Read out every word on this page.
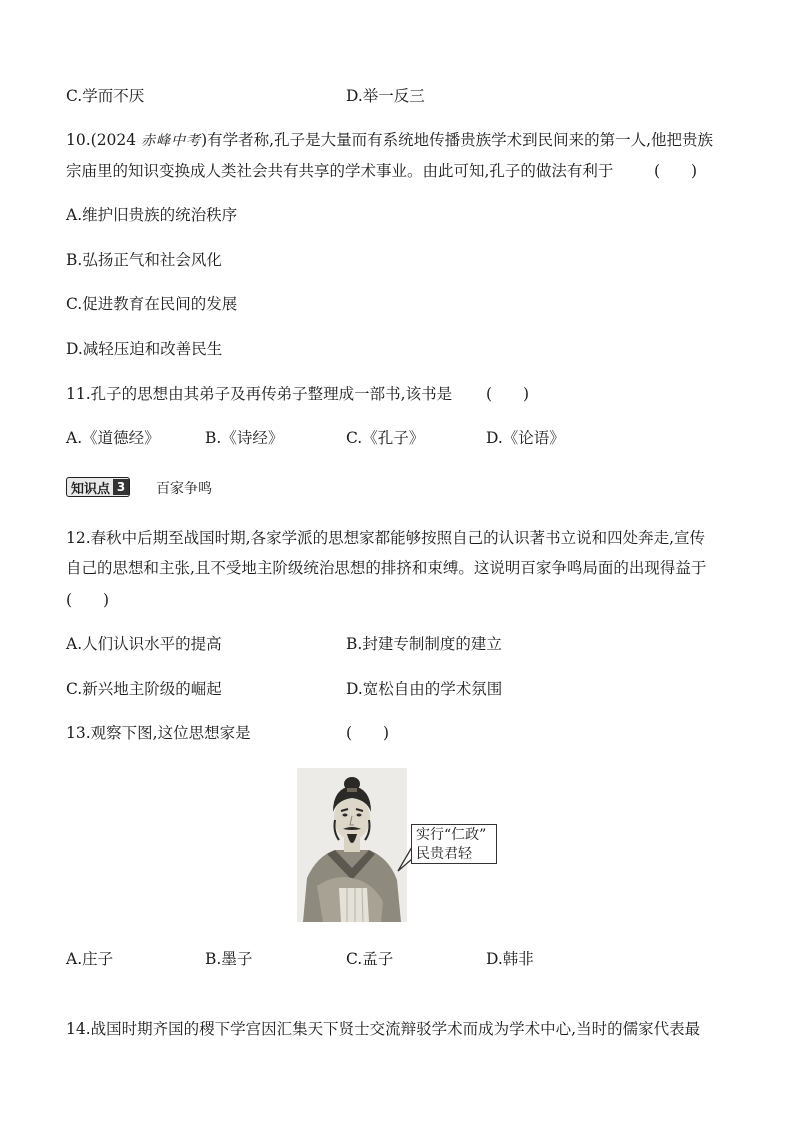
C.学而不厌	D.举一反三
10.(2024 赤峰中考)有学者称,孔子是大量而有系统地传播贵族学术到民间来的第一人,他把贵族
宗庙里的知识变换成人类社会共有共享的学术事业。由此可知,孔子的做法有利于	(　　)
A.维护旧贵族的统治秩序
B.弘扬正气和社会风化
C.促进教育在民间的发展
D.减轻压迫和改善民生
11.孔子的思想由其弟子及再传弟子整理成一部书,该书是 (　　)
A.《道德经》	B.《诗经》	C.《孔子》	D.《论语》
知识点 3 百家争鸣
12.春秋中后期至战国时期,各家学派的思想家都能够按照自己的认识著书立说和四处奔走,宣传
自己的思想和主张,且不受地主阶级统治思想的排挤和束缚。这说明百家争鸣局面的出现得益于
(　　)
A.人们认识水平的提高	B.封建专制制度的建立
C.新兴地主阶级的崛起	D.宽松自由的学术氛围
13.观察下图,这位思想家是	(　　)
实行“仁政”
民贵君轻
A.庄子	B.墨子	C.孟子	D.韩非
14.战国时期齐国的稷下学宫因汇集天下贤士交流辩驳学术而成为学术中心,当时的儒家代表最
